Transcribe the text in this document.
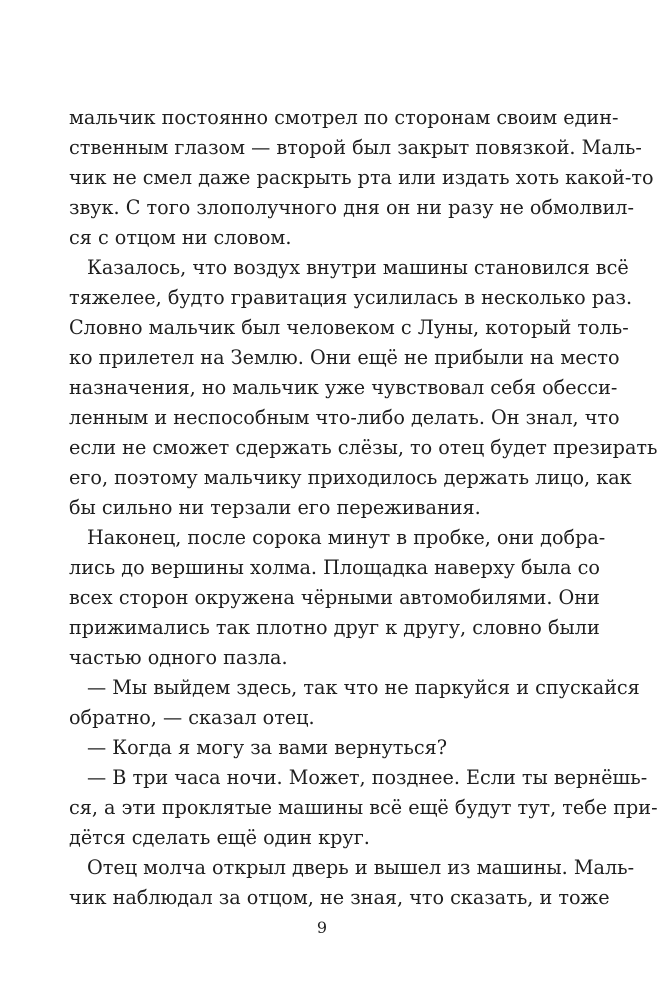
мальчик постоянно смотрел по сторонам своим един-
ственным глазом — второй был закрыт повязкой. Маль-
чик не смел даже раскрыть рта или издать хоть какой-то
звук. С того злополучного дня он ни разу не обмолвил-
ся с отцом ни словом.
Казалось, что воздух внутри машины становился всё
тяжелее, будто гравитация усилилась в несколько раз.
Словно мальчик был человеком с Луны, который толь-
ко прилетел на Землю. Они ещё не прибыли на место
назначения, но мальчик уже чувствовал себя обесси-
ленным и неспособным что-либо делать. Он знал, что
если не сможет сдержать слёзы, то отец будет презирать
его, поэтому мальчику приходилось держать лицо, как
бы сильно ни терзали его переживания.
Наконец, после сорока минут в пробке, они добра-
лись до вершины холма. Площадка наверху была со
всех сторон окружена чёрными автомобилями. Они
прижимались так плотно друг к другу, словно были
частью одного пазла.
— Мы выйдем здесь, так что не паркуйся и спускайся
обратно, — сказал отец.
— Когда я могу за вами вернуться?
— В три часа ночи. Может, позднее. Если ты вернёшь-
ся, а эти проклятые машины всё ещё будут тут, тебе при-
дётся сделать ещё один круг.
Отец молча открыл дверь и вышел из машины. Маль-
чик наблюдал за отцом, не зная, что сказать, и тоже
9
